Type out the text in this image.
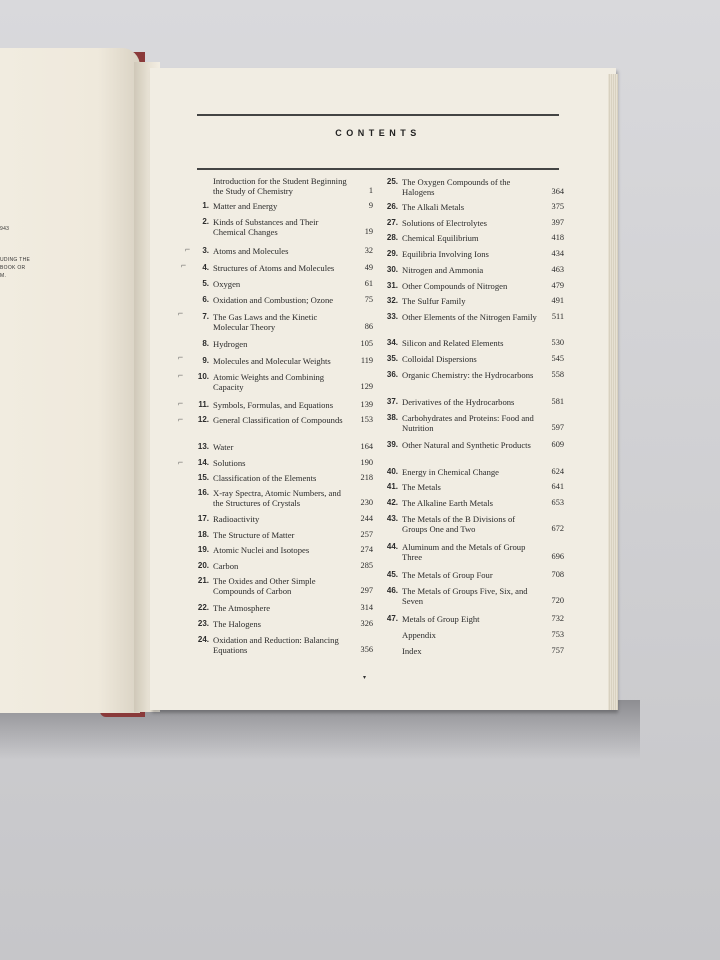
943
UDING THE
BOOK OR
M.
CONTENTS
Introduction for the Student Beginning the Study of Chemistry	1
1. Matter and Energy	9
2. Kinds of Substances and Their Chemical Changes	19
3. Atoms and Molecules	32
4. Structures of Atoms and Molecules	49
5. Oxygen	61
6. Oxidation and Combustion; Ozone	75
7. The Gas Laws and the Kinetic Molecular Theory	86
8. Hydrogen	105
9. Molecules and Molecular Weights	119
10. Atomic Weights and Combining Capacity	129
11. Symbols, Formulas, and Equations	139
12. General Classification of Compounds	153
13. Water	164
14. Solutions	190
15. Classification of the Elements	218
16. X-ray Spectra, Atomic Numbers, and the Structures of Crystals	230
17. Radioactivity	244
18. The Structure of Matter	257
19. Atomic Nuclei and Isotopes	274
20. Carbon	285
21. The Oxides and Other Simple Compounds of Carbon	297
22. The Atmosphere	314
23. The Halogens	326
24. Oxidation and Reduction: Balancing Equations	356
25. The Oxygen Compounds of the Halogens	364
26. The Alkali Metals	375
27. Solutions of Electrolytes	397
28. Chemical Equilibrium	418
29. Equilibria Involving Ions	434
30. Nitrogen and Ammonia	463
31. Other Compounds of Nitrogen	479
32. The Sulfur Family	491
33. Other Elements of the Nitrogen Family 511
34. Silicon and Related Elements	530
35. Colloidal Dispersions	545
36. Organic Chemistry: the Hydrocarbons	558
37. Derivatives of the Hydrocarbons	581
38. Carbohydrates and Proteins: Food and Nutrition	597
39. Other Natural and Synthetic Products	609
40. Energy in Chemical Change	624
41. The Metals	641
42. The Alkaline Earth Metals	653
43. The Metals of the B Divisions of Groups One and Two	672
44. Aluminum and the Metals of Group Three	696
45. The Metals of Group Four	708
46. The Metals of Groups Five, Six, and Seven	720
47. Metals of Group Eight	732
Appendix	753
Index	757
⌐
⌐
⌐
⌐
⌐
⌐
⌐
⌐
▾
